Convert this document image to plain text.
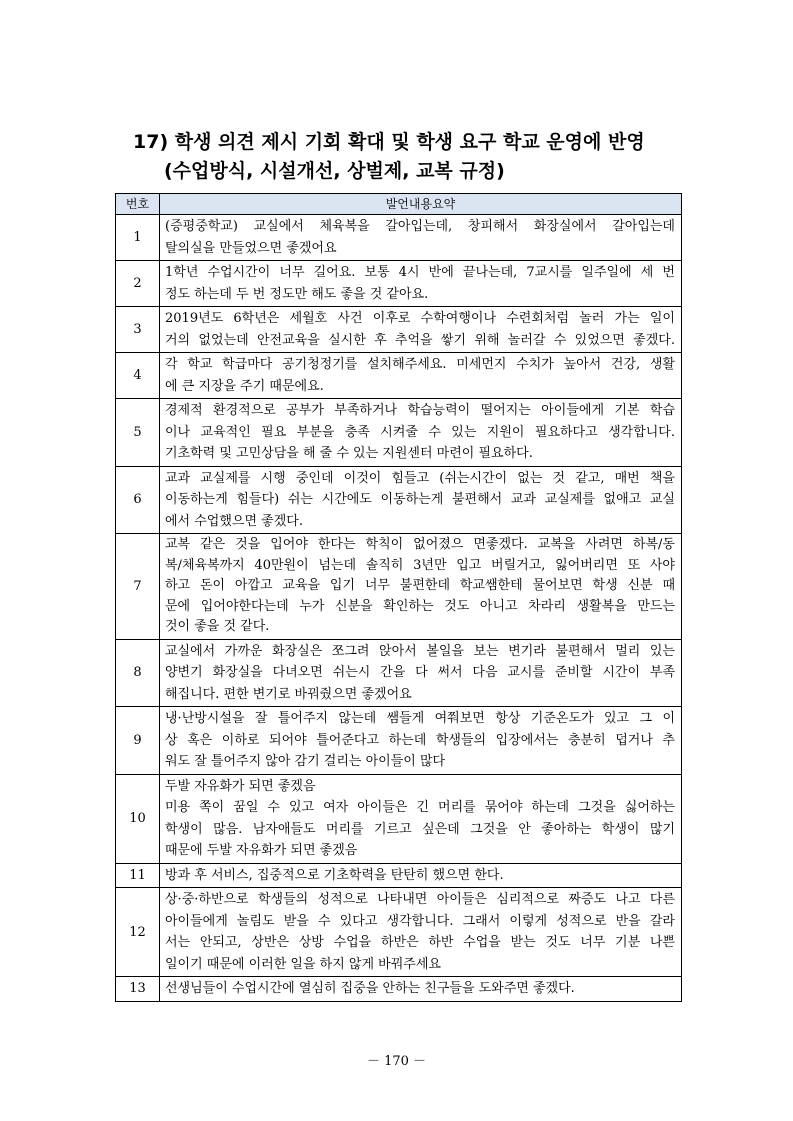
17) 학생 의견 제시 기회 확대 및 학생 요구 학교 운영에 반영
(수업방식, 시설개선, 상벌제, 교복 규정)
번호	발언내용요약
1	(증평중학교) 교실에서 체육복을 갈아입는데, 창피해서 화장실에서 갈아입는데
탈의실을 만들었으면 좋겠어요

2	1학년 수업시간이 너무 길어요. 보통 4시 반에 끝나는데, 7교시를 일주일에 세 번
정도 하는데 두 번 정도만 해도 좋을 것 같아요.

3	2019년도 6학년은 세월호 사건 이후로 수학여행이나 수련회처럼 놀러 가는 일이
거의 없었는데 안전교육을 실시한 후 추억을 쌓기 위해 놀러갈 수 있었으면 좋겠다.

4	각 학교 학급마다 공기청정기를 설치해주세요. 미세먼지 수치가 높아서 건강, 생활
에 큰 지장을 주기 때문에요.

5	경제적 환경적으로 공부가 부족하거나 학습능력이 떨어지는 아이들에게 기본 학습
이나 교육적인 필요 부분을 충족 시켜줄 수 있는 지원이 필요하다고 생각합니다.
기초학력 및 고민상담을 해 줄 수 있는 지원센터 마련이 필요하다.

6	교과 교실제를 시행 중인데 이것이 힘들고 (쉬는시간이 없는 것 같고, 매번 책을
이동하는게 힘들다) 쉬는 시간에도 이동하는게 불편해서 교과 교실제를 없애고 교실
에서 수업했으면 좋겠다.

7	교복 같은 것을 입어야 한다는 학칙이 없어졌으 면좋겠다. 교복을 사려면 하복/동
복/체육복까지 40만원이 넘는데 솔직히 3년만 입고 버릴거고, 잃어버리면 또 사야
하고 돈이 아깝고 교육을 입기 너무 불편한데 학교쌤한테 물어보면 학생 신분 때
문에 입어야한다는데 누가 신분을 확인하는 것도 아니고 차라리 생활복을 만드는
것이 좋을 것 같다.

8	교실에서 가까운 화장실은 쪼그려 앉아서 볼일을 보는 변기라 불편해서 멀리 있는
양변기 화장실을 다녀오면 쉬는시 간을 다 써서 다음 교시를 준비할 시간이 부족
해집니다. 편한 변기로 바꿔줬으면 좋겠어요

9	냉·난방시설을 잘 틀어주지 않는데 쌤들게 여쭤보면 항상 기준온도가 있고 그 이
상 혹은 이하로 되어야 틀어준다고 하는데 학생들의 입장에서는 충분히 덥거나 추
워도 잘 틀어주지 않아 감기 걸리는 아이들이 많다

10	두발 자유화가 되면 좋겠음
미용 쪽이 꿈일 수 있고 여자 아이들은 긴 머리를 묶어야 하는데 그것을 싫어하는
학생이 많음. 남자애들도 머리를 기르고 싶은데 그것을 안 좋아하는 학생이 많기
때문에 두발 자유화가 되면 좋겠음

11	방과 후 서비스, 집중적으로 기초학력을 탄탄히 했으면 한다.

12	상·중·하반으로 학생들의 성적으로 나타내면 아이들은 심리적으로 짜증도 나고 다른
아이들에게 놀림도 받을 수 있다고 생각합니다. 그래서 이렇게 성적으로 반을 갈라
서는 안되고, 상반은 상방 수업을 하반은 하반 수업을 받는 것도 너무 기분 나쁜
일이기 때문에 이러한 일을 하지 않게 바꿔주세요

13	선생님들이 수업시간에 열심히 집중을 안하는 친구들을 도와주면 좋겠다.
－ 170 －
